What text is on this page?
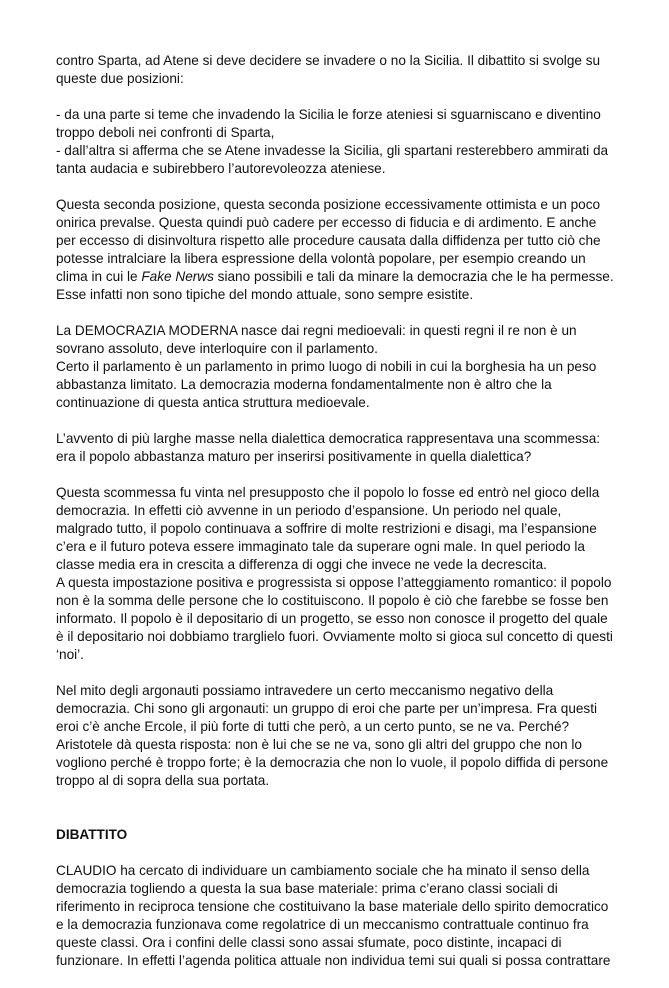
contro Sparta, ad Atene si deve decidere se invadere o no la Sicilia. Il dibattito si svolge su
queste due posizioni:
- da una parte si teme che invadendo la Sicilia le forze ateniesi si sguarniscano e diventino
troppo deboli nei confronti di Sparta,
- dall’altra si afferma che se Atene invadesse la Sicilia, gli spartani resterebbero ammirati da
tanta audacia e subirebbero l’autorevoleozza ateniese.
Questa seconda posizione, questa seconda posizione eccessivamente ottimista e un poco
onirica prevalse. Questa quindi può cadere per eccesso di fiducia e di ardimento. E anche
per eccesso di disinvoltura rispetto alle procedure causata dalla diffidenza per tutto ciò che
potesse intralciare la libera espressione della volontà popolare, per esempio creando un
clima in cui le Fake Nerws siano possibili e tali da minare la democrazia che le ha permesse.
Esse infatti non sono tipiche del mondo attuale, sono sempre esistite.
La DEMOCRAZIA MODERNA nasce dai regni medioevali: in questi regni il re non è un
sovrano assoluto, deve interloquire con il parlamento.
Certo il parlamento è un parlamento in primo luogo di nobili in cui la borghesia ha un peso
abbastanza limitato. La democrazia moderna fondamentalmente non è altro che la
continuazione di questa antica struttura medioevale.
L’avvento di più larghe masse nella dialettica democratica rappresentava una scommessa:
era il popolo abbastanza maturo per inserirsi positivamente in quella dialettica?
Questa scommessa fu vinta nel presupposto che il popolo lo fosse ed entrò nel gioco della
democrazia. In effetti ciò avvenne in un periodo d’espansione. Un periodo nel quale,
malgrado tutto, il popolo continuava a soffrire di molte restrizioni e disagi, ma l’espansione
c’era e il futuro poteva essere immaginato tale da superare ogni male. In quel periodo la
classe media era in crescita a differenza di oggi che invece ne vede la decrescita.
A questa impostazione positiva e progressista si oppose l’atteggiamento romantico: il popolo
non è la somma delle persone che lo costituiscono. Il popolo è ciò che farebbe se fosse ben
informato. Il popolo è il depositario di un progetto, se esso non conosce il progetto del quale
è il depositario noi dobbiamo trarglielo fuori. Ovviamente molto si gioca sul concetto di questi
‘noi’.
Nel mito degli argonauti possiamo intravedere un certo meccanismo negativo della
democrazia. Chi sono gli argonauti: un gruppo di eroi che parte per un’impresa. Fra questi
eroi c’è anche Ercole, il più forte di tutti che però, a un certo punto, se ne va. Perché?
Aristotele dà questa risposta: non è lui che se ne va, sono gli altri del gruppo che non lo
vogliono perché è troppo forte; è la democrazia che non lo vuole, il popolo diffida di persone
troppo al di sopra della sua portata.
DIBATTITO
CLAUDIO ha cercato di individuare un cambiamento sociale che ha minato il senso della
democrazia togliendo a questa la sua base materiale: prima c’erano classi sociali di
riferimento in reciproca tensione che costituivano la base materiale dello spirito democratico
e la democrazia funzionava come regolatrice di un meccanismo contrattuale continuo fra
queste classi. Ora i confini delle classi sono assai sfumate, poco distinte, incapaci di
funzionare. In effetti l’agenda politica attuale non individua temi sui quali si possa contrattare
